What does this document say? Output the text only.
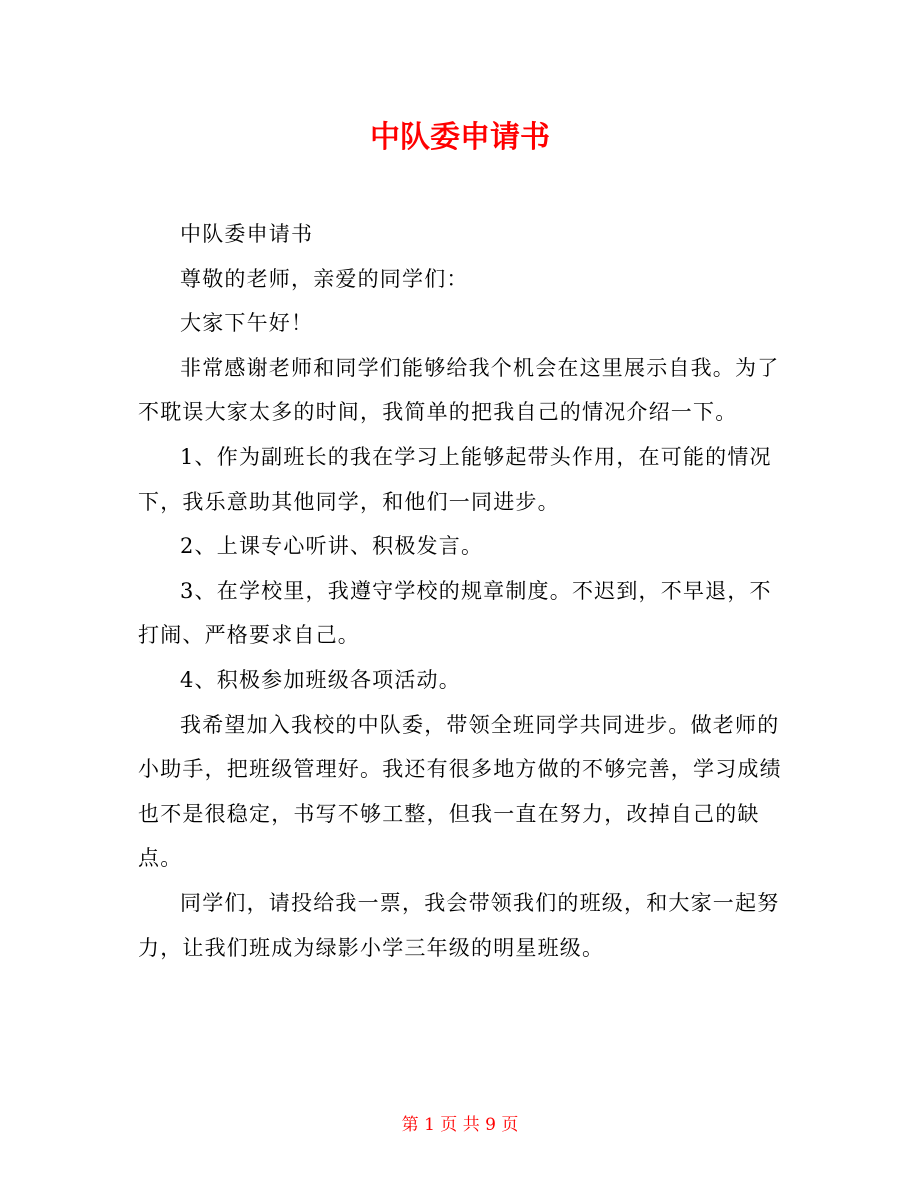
中队委申请书

中队委申请书

尊敬的老师，亲爱的同学们：

大家下午好！

非常感谢老师和同学们能够给我个机会在这里展示自我。为了不耽误大家太多的时间，我简单的把我自己的情况介绍一下。

1、作为副班长的我在学习上能够起带头作用，在可能的情况下，我乐意助其他同学，和他们一同进步。

2、上课专心听讲、积极发言。

3、在学校里，我遵守学校的规章制度。不迟到，不早退，不打闹、严格要求自己。

4、积极参加班级各项活动。

我希望加入我校的中队委，带领全班同学共同进步。做老师的小助手，把班级管理好。我还有很多地方做的不够完善，学习成绩也不是很稳定，书写不够工整，但我一直在努力，改掉自己的缺点。

同学们，请投给我一票，我会带领我们的班级，和大家一起努力，让我们班成为绿影小学三年级的明星班级。

第 1 页 共 9 页
